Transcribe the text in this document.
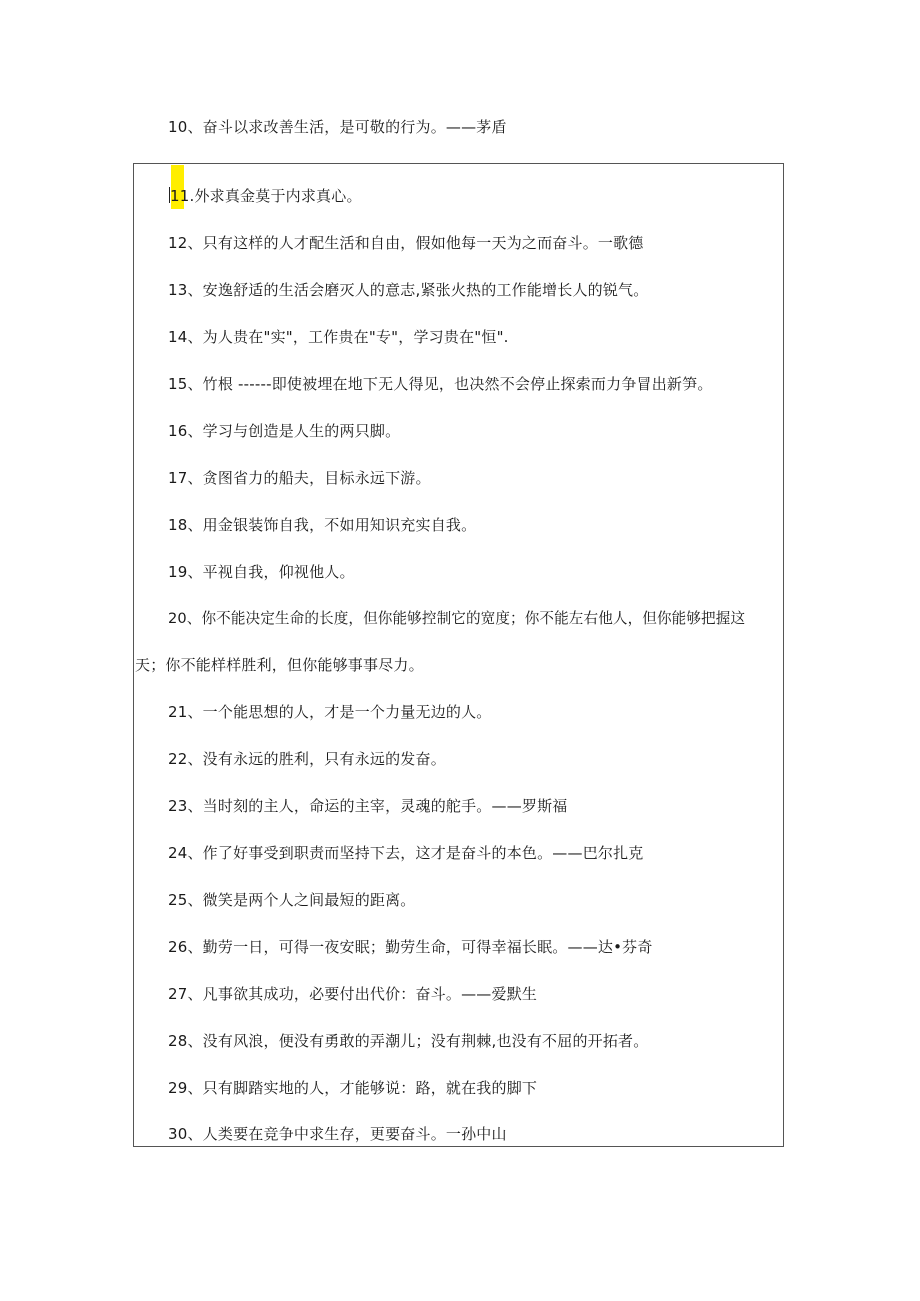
10、奋斗以求改善生活，是可敬的行为。——茅盾
11.外求真金莫于内求真心。
12、只有这样的人才配生活和自由，假如他每一天为之而奋斗。一歌德
13、安逸舒适的生活会磨灭人的意志,紧张火热的工作能增长人的锐气。
14、为人贵在"实"，工作贵在"专"，学习贵在"恒".
15、竹根 ------即使被埋在地下无人得见，也决然不会停止探索而力争冒出新笋。
16、学习与创造是人生的两只脚。
17、贪图省力的船夫，目标永远下游。
18、用金银装饰自我，不如用知识充实自我。
19、平视自我，仰视他人。
20、你不能决定生命的长度，但你能够控制它的宽度；你不能左右他人，但你能够把握这
天；你不能样样胜利，但你能够事事尽力。
21、一个能思想的人，才是一个力量无边的人。
22、没有永远的胜利，只有永远的发奋。
23、当时刻的主人，命运的主宰，灵魂的舵手。——罗斯福
24、作了好事受到职责而坚持下去，这才是奋斗的本色。——巴尔扎克
25、微笑是两个人之间最短的距离。
26、勤劳一日，可得一夜安眠；勤劳生命，可得幸福长眠。——达•芬奇
27、凡事欲其成功，必要付出代价：奋斗。——爱默生
28、没有风浪，便没有勇敢的弄潮儿；没有荆棘,也没有不屈的开拓者。
29、只有脚踏实地的人，才能够说：路，就在我的脚下
30、人类要在竞争中求生存，更要奋斗。一孙中山
